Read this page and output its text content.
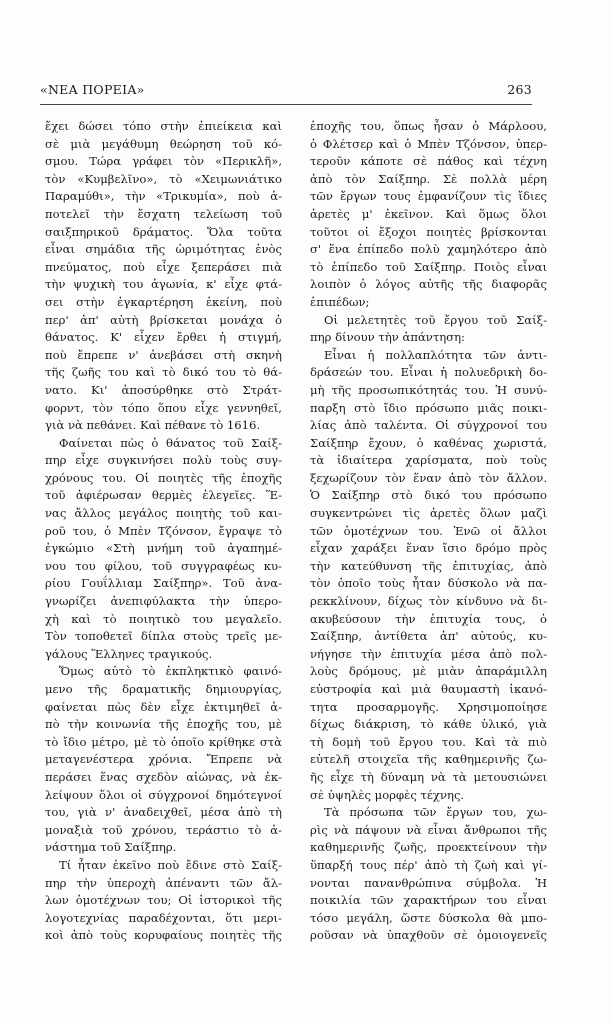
«ΝΕΑ ΠΟΡΕΙΑ»	263
ἔχει δώσει τόπο στὴν ἐπιείκεια καὶ
σὲ μιὰ μεγάθυμη θεώρηση τοῦ κό-
σμου. Τώρα γράφει τὸν «Περικλῆ»,
τὸν «Κυμβελῖνο», τὸ «Χειμωνιάτικο
Παραμύθι», τὴν «Τρικυμία», ποὺ ἀ-
ποτελεῖ τὴν ἔσχατη τελείωση τοῦ
σαιξπηρικοῦ δράματος. Ὅλα τοῦτα
εἶναι σημάδια τῆς ὡριμότητας ἑνὸς
πνεύματος, ποὺ εἶχε ξεπεράσει πιὰ
τὴν ψυχικὴ του ἀγωνία, κ' εἶχε φτά-
σει στὴν ἐγκαρτέρηση ἐκείνη, ποὺ
περ' ἀπ' αὐτὴ βρίσκεται μονάχα ὁ
θάνατος. Κ' εἶχεν ἔρθει ἡ στιγμή,
ποὺ ἔπρεπε ν' ἀνεβάσει στὴ σκηνὴ
τῆς ζωῆς του καὶ τὸ δικό του τὸ θά-
νατο. Κι' ἀποσύρθηκε στὸ Στράτ-
φορντ, τὸν τόπο ὅπου εἶχε γεννηθεῖ,
γιὰ νὰ πεθάνει. Καὶ πέθανε τὸ 1616.
Φαίνεται πὼς ὁ θάνατος τοῦ Σαίξ-
πηρ εἶχε συγκινήσει πολὺ τοὺς συγ-
χρόνους του. Οἱ ποιητὲς τῆς ἐποχῆς
τοῦ ἀφιέρωσαν θερμὲς ἐλεγεῖες. Ἕ-
νας ἄλλος μεγάλος ποιητὴς τοῦ και-
ροῦ του, ὁ Μπὲν Τζόνσον, ἔγραψε τὸ
ἐγκώμιο «Στὴ μνήμη τοῦ ἀγαπημέ-
νου του φίλου, τοῦ συγγραφέως κυ-
ρίου Γουΐλλιαμ Σαίξπηρ». Τοῦ ἀνα-
γνωρίζει ἀνεπιφύλακτα τὴν ὑπερο-
χὴ καὶ τὸ ποιητικὸ του μεγαλεῖο.
Τὸν τοποθετεῖ δίπλα στοὺς τρεῖς με-
γάλους Ἕλληνες τραγικούς.
Ὅμως αὐτὸ τὸ ἐκπληκτικὸ φαινό-
μενο τῆς δραματικῆς δημιουργίας,
φαίνεται πὼς δὲν εἶχε ἐκτιμηθεῖ ἀ-
πὸ τὴν κοινωνία τῆς ἐποχῆς του, μὲ
τὸ ἴδιο μέτρο, μὲ τὸ ὁποῖο κρίθηκε στὰ
μεταγενέστερα χρόνια. Ἔπρεπε νὰ
περάσει ἕνας σχεδὸν αἰώνας, νὰ ἐκ-
λείψουν ὅλοι οἱ σύγχρονοί δημότεγνοί
του, γιὰ ν' ἀναδειχθεῖ, μέσα ἀπὸ τὴ
μοναξιὰ τοῦ χρόνου, τεράστιο τὸ ἀ-
νάστημα τοῦ Σαίξπηρ.
Τί ἦταν ἐκεῖνο ποὺ ἔδινε στὸ Σαίξ-
πηρ τὴν ὑπεροχὴ ἀπέναντι τῶν ἄλ-
λων ὁμοτέχνων του; Οἱ ἱστορικοὶ τῆς
λογοτεχνίας παραδέχονται, ὅτι μερι-
κοὶ ἀπὸ τοὺς κορυφαίους ποιητὲς τῆς
ἐποχῆς του, ὅπως ἦσαν ὁ Μάρλοου,
ὁ Φλέτσερ καὶ ὁ Μπὲν Τζόνσον, ὑπερ-
τεροῦν κάποτε σὲ πάθος καὶ τέχνη
ἀπὸ τὸν Σαίξπηρ. Σὲ πολλὰ μέρη
τῶν ἔργων τους ἐμφανίζουν τὶς ἴδιες
ἀρετὲς μ' ἐκεῖνον. Καὶ ὅμως ὅλοι
τοῦτοι οἱ ἔξοχοι ποιητὲς βρίσκονται
σ' ἕνα ἐπίπεδο πολὺ χαμηλότερο ἀπὸ
τὸ ἐπίπεδο τοῦ Σαίξπηρ. Ποιὸς εἶναι
λοιπὸν ὁ λόγος αὐτῆς τῆς διαφορᾶς
ἐπιπέδων;
Οἱ μελετητὲς τοῦ ἔργου τοῦ Σαίξ-
πηρ δίνουν τὴν ἀπάντηση:
Εἶναι ἡ πολλαπλότητα τῶν ἀντι-
δράσεών του. Εἶναι ἡ πολυεδρικὴ δο-
μὴ τῆς προσωπικότητάς του. Ἡ συνύ-
παρξη στὸ ἴδιο πρόσωπο μιᾶς ποικι-
λίας ἀπὸ ταλέντα. Οἱ σύγχρονοί του
Σαίξπηρ ἔχουν, ὁ καθένας χωριστά,
τὰ ἰδιαίτερα χαρίσματα, ποὺ τοὺς
ξεχωρίζουν τὸν ἕναν ἀπὸ τὸν ἄλλον.
Ὁ Σαίξπηρ στὸ δικό του πρόσωπο
συγκεντρώνει τὶς ἀρετὲς ὅλων μαζὶ
τῶν ὁμοτέχνων του. Ἐνῶ οἱ ἄλλοι
εἶχαν χαράξει ἕναν ἴσιο δρόμο πρὸς
τὴν κατεύθυνση τῆς ἐπιτυχίας, ἀπὸ
τὸν ὁποῖο τοὺς ἦταν δύσκολο νὰ πα-
ρεκκλίνουν, δίχως τὸν κίνδυνο νὰ δι-
ακυβεύσουν τὴν ἐπιτυχία τους, ὁ
Σαίξπηρ, ἀντίθετα ἀπ' αὐτούς, κυ-
νήγησε τὴν ἐπιτυχία μέσα ἀπὸ πολ-
λοὺς δρόμους, μὲ μιὰν ἀπαράμιλλη
εὐστροφία καὶ μιὰ θαυμαστὴ ἱκανό-
τητα προσαρμογῆς. Χρησιμοποίησε
δίχως διάκριση, τὸ κάθε ὑλικό, γιὰ
τὴ δομὴ τοῦ ἔργου του. Καὶ τὰ πιὸ
εὐτελῆ στοιχεῖα τῆς καθημερινῆς ζω-
ῆς εἶχε τὴ δύναμη νὰ τὰ μετουσιώνει
σὲ ὑψηλὲς μορφὲς τέχνης.
Τὰ πρόσωπα τῶν ἔργων του, χω-
ρὶς νὰ πάψουν νὰ εἶναι ἄνθρωποι τῆς
καθημερινῆς ζωῆς, προεκτείνουν τὴν
ὕπαρξή τους πέρ' ἀπὸ τὴ ζωὴ καὶ γί-
νονται πανανθρώπινα σύμβολα. Ἡ
ποικιλία τῶν χαρακτήρων του εἶναι
τόσο μεγάλη, ὥστε δύσκολα θὰ μπο-
ροῦσαν νὰ ὑπαχθοῦν σὲ ὁμοιογενεῖς
